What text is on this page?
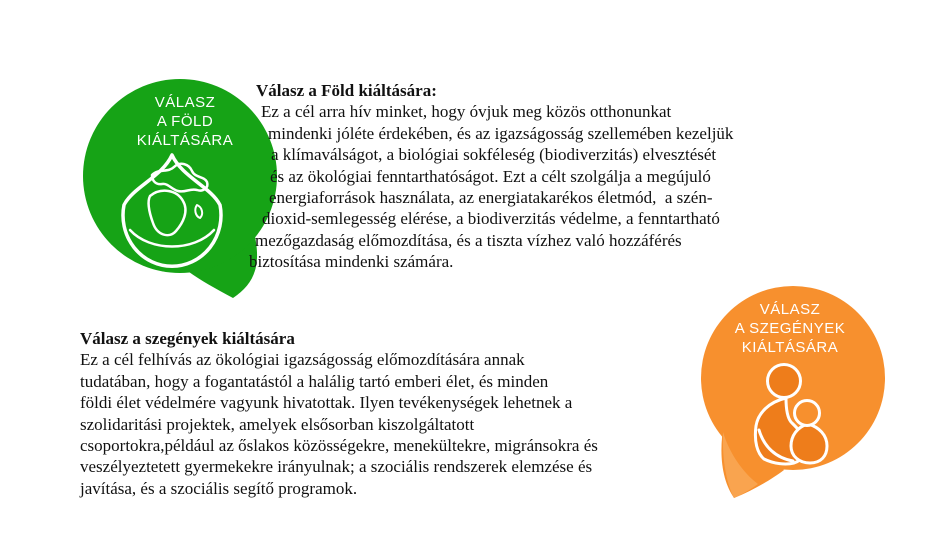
VÁLASZ
A FÖLD
KIÁLTÁSÁRA
Válasz a Föld kiáltására:
Ez a cél arra hív minket, hogy óvjuk meg közös otthonunkat
mindenki jóléte érdekében, és az igazságosság szellemében kezeljük
a klímaválságot, a biológiai sokféleség (biodiverzitás) elvesztését
és az ökológiai fenntarthatóságot. Ezt a célt szolgálja a megújuló
energiaforrások használata, az energiatakarékos életmód,  a szén-
dioxid-semlegesség elérése, a biodiverzitás védelme, a fenntartható
mezőgazdaság előmozdítása, és a tiszta vízhez való hozzáférés
biztosítása mindenki számára.
Válasz a szegények kiáltására
Ez a cél felhívás az ökológiai igazságosság előmozdítására annak
tudatában, hogy a fogantatástól a halálig tartó emberi élet, és minden
földi élet védelmére vagyunk hivatottak. Ilyen tevékenységek lehetnek a
szolidaritási projektek, amelyek elsősorban kiszolgáltatott
csoportokra,például az őslakos közösségekre, menekültekre, migránsokra és
veszélyeztetett gyermekekre irányulnak; a szociális rendszerek elemzése és
javítása, és a szociális segítő programok.
VÁLASZ
A SZEGÉNYEK
KIÁLTÁSÁRA
